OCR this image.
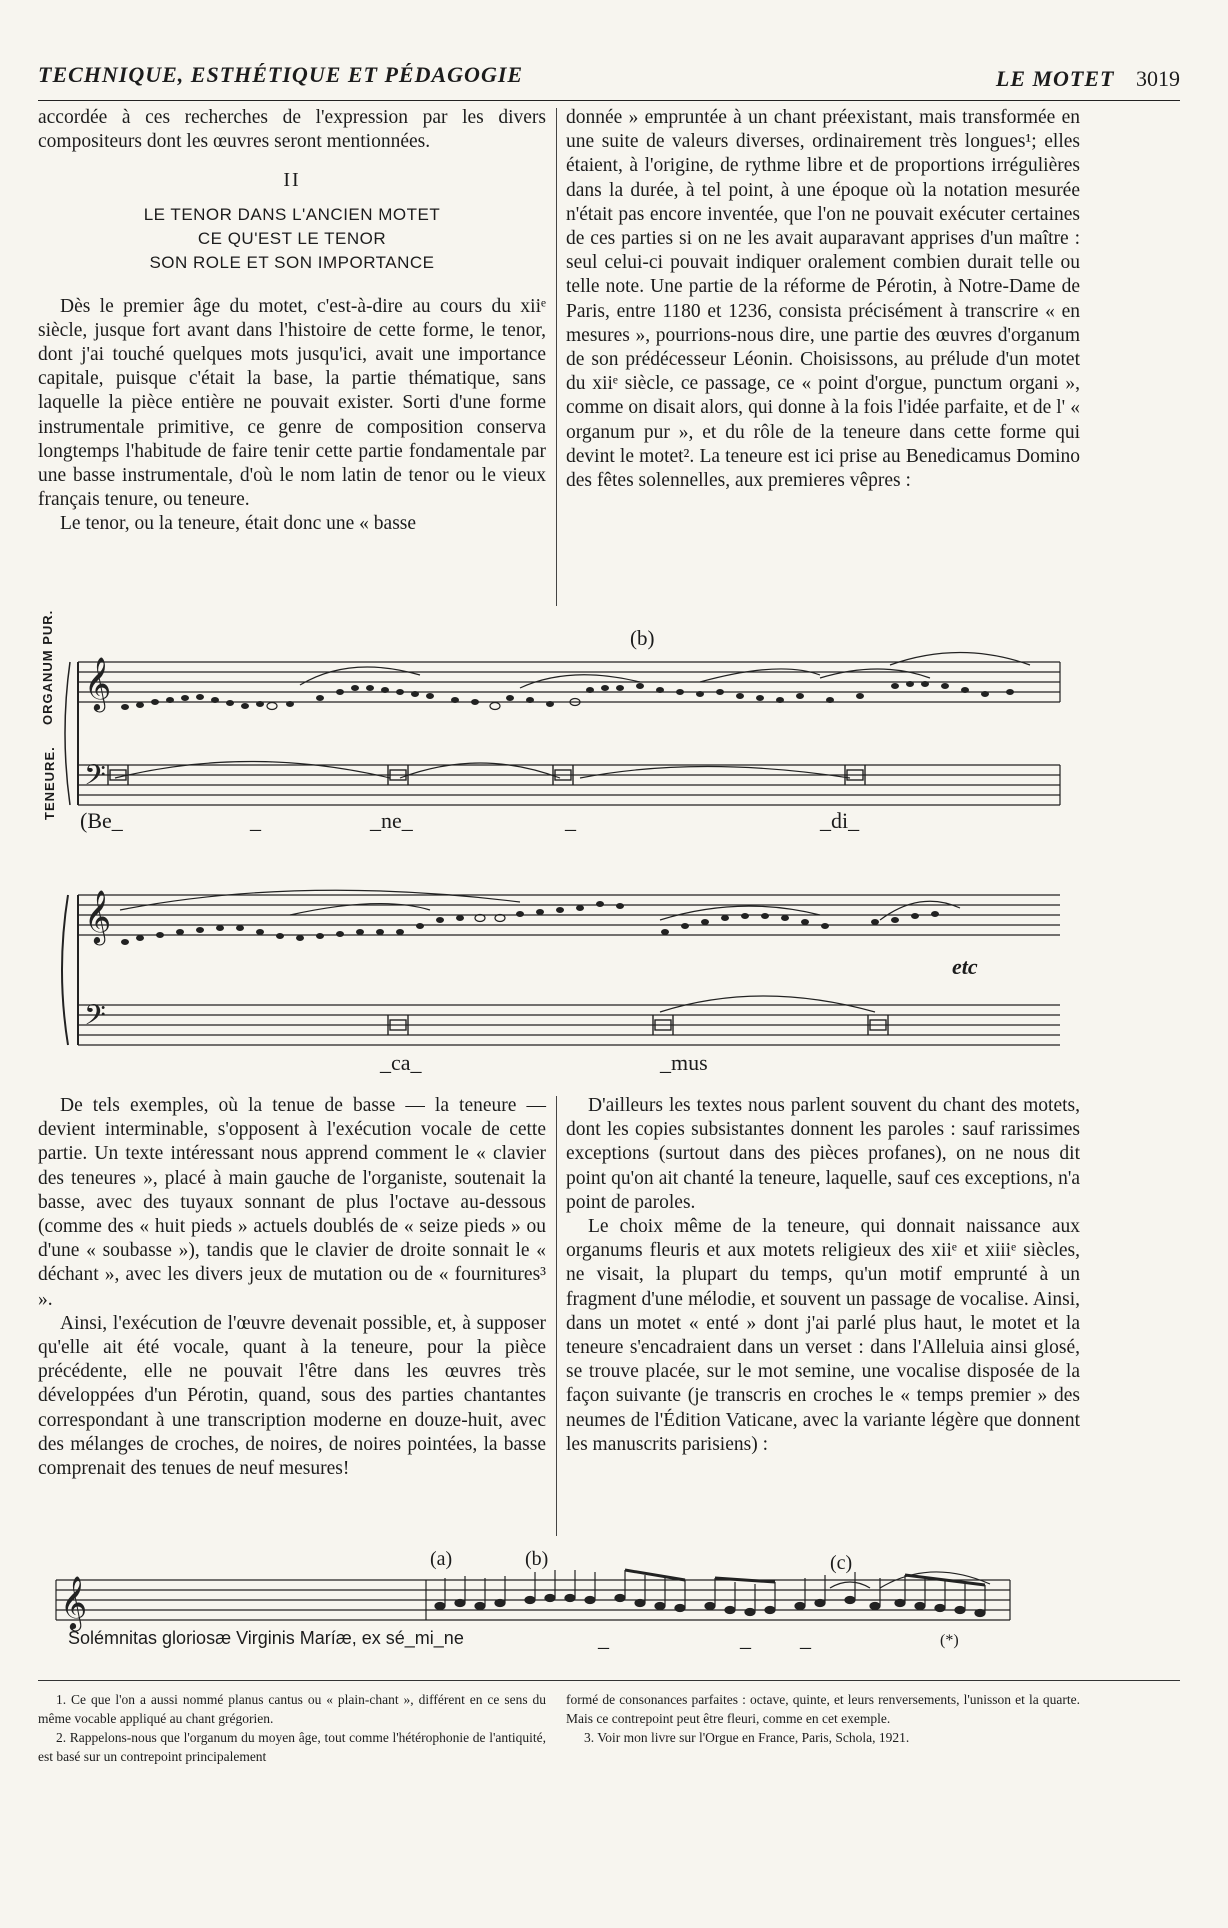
TECHNIQUE, ESTHÉTIQUE ET PÉDAGOGIE	LE MOTET 3019

accordée à ces recherches de l'expression par les divers compositeurs dont les œuvres seront mentionnées.

II
LE TENOR DANS L'ANCIEN MOTET
CE QU'EST LE TENOR
SON ROLE ET SON IMPORTANCE

Dès le premier âge du motet, c'est-à-dire au cours du xiiᵉ siècle, jusque fort avant dans l'histoire de cette forme, le tenor, dont j'ai touché quelques mots jusqu'ici, avait une importance capitale, puisque c'était la base, la partie thématique, sans laquelle la pièce entière ne pouvait exister. Sorti d'une forme instrumentale primitive, ce genre de composition conserva longtemps l'habitude de faire tenir cette partie fondamentale par une basse instrumentale, d'où le nom latin de tenor ou le vieux français tenure, ou teneure.

Le tenor, ou la teneure, était donc une « basse

donnée » empruntée à un chant préexistant, mais transformée en une suite de valeurs diverses, ordinairement très longues¹; elles étaient, à l'origine, de rythme libre et de proportions irrégulières dans la durée, à tel point, à une époque où la notation mesurée n'était pas encore inventée, que l'on ne pouvait exécuter certaines de ces parties si on ne les avait auparavant apprises d'un maître : seul celui-ci pouvait indiquer oralement combien durait telle ou telle note. Une partie de la réforme de Pérotin, à Notre-Dame de Paris, entre 1180 et 1236, consista précisément à transcrire « en mesures », pourrions-nous dire, une partie des œuvres d'organum de son prédécesseur Léonin. Choisissons, au prélude d'un motet du xiiᵉ siècle, ce passage, ce « point d'orgue, punctum organi », comme on disait alors, qui donne à la fois l'idée parfaite, et de l' « organum pur », et du rôle de la teneure dans cette forme qui devint le motet². La teneure est ici prise au Benedicamus Domino des fêtes solennelles, aux premieres vêpres :

ORGANUM PUR.
TENEURE.
(b)
𝄞
𝄢
𝄞
𝄢
(Be_	_	_ne_	_	_di_
_ca_	_mus
etc

De tels exemples, où la tenue de basse — la teneure — devient interminable, s'opposent à l'exécution vocale de cette partie. Un texte intéressant nous apprend comment le « clavier des teneures », placé à main gauche de l'organiste, soutenait la basse, avec des tuyaux sonnant de plus l'octave au-dessous (comme des « huit pieds » actuels doublés de « seize pieds » ou d'une « soubasse »), tandis que le clavier de droite sonnait le « déchant », avec les divers jeux de mutation ou de « fournitures³ ».

Ainsi, l'exécution de l'œuvre devenait possible, et, à supposer qu'elle ait été vocale, quant à la teneure, pour la pièce précédente, elle ne pouvait l'être dans les œuvres très développées d'un Pérotin, quand, sous des parties chantantes correspondant à une transcription moderne en douze-huit, avec des mélanges de croches, de noires, de noires pointées, la basse comprenait des tenues de neuf mesures!

D'ailleurs les textes nous parlent souvent du chant des motets, dont les copies subsistantes donnent les paroles : sauf rarissimes exceptions (surtout dans des pièces profanes), on ne nous dit point qu'on ait chanté la teneure, laquelle, sauf ces exceptions, n'a point de paroles.

Le choix même de la teneure, qui donnait naissance aux organums fleuris et aux motets religieux des xiiᵉ et xiiiᵉ siècles, ne visait, la plupart du temps, qu'un motif emprunté à un fragment d'une mélodie, et souvent un passage de vocalise. Ainsi, dans un motet « enté » dont j'ai parlé plus haut, le motet et la teneure s'encadraient dans un verset : dans l'Alleluia ainsi glosé, se trouve placée, sur le mot semine, une vocalise disposée de la façon suivante (je transcris en croches le « temps premier » des neumes de l'Édition Vaticane, avec la variante légère que donnent les manuscrits parisiens) :

(a)	(b)	(c)
𝄞
Solémnitas gloriosæ Virginis Maríæ, ex sé_mi_ne	_	_ _	(*)

1. Ce que l'on a aussi nommé planus cantus ou « plain-chant », différent en ce sens du même vocable appliqué au chant grégorien.

2. Rappelons-nous que l'organum du moyen âge, tout comme l'hétérophonie de l'antiquité, est basé sur un contrepoint principalement

formé de consonances parfaites : octave, quinte, et leurs renversements, l'unisson et la quarte. Mais ce contrepoint peut être fleuri, comme en cet exemple.

3. Voir mon livre sur l'Orgue en France, Paris, Schola, 1921.
